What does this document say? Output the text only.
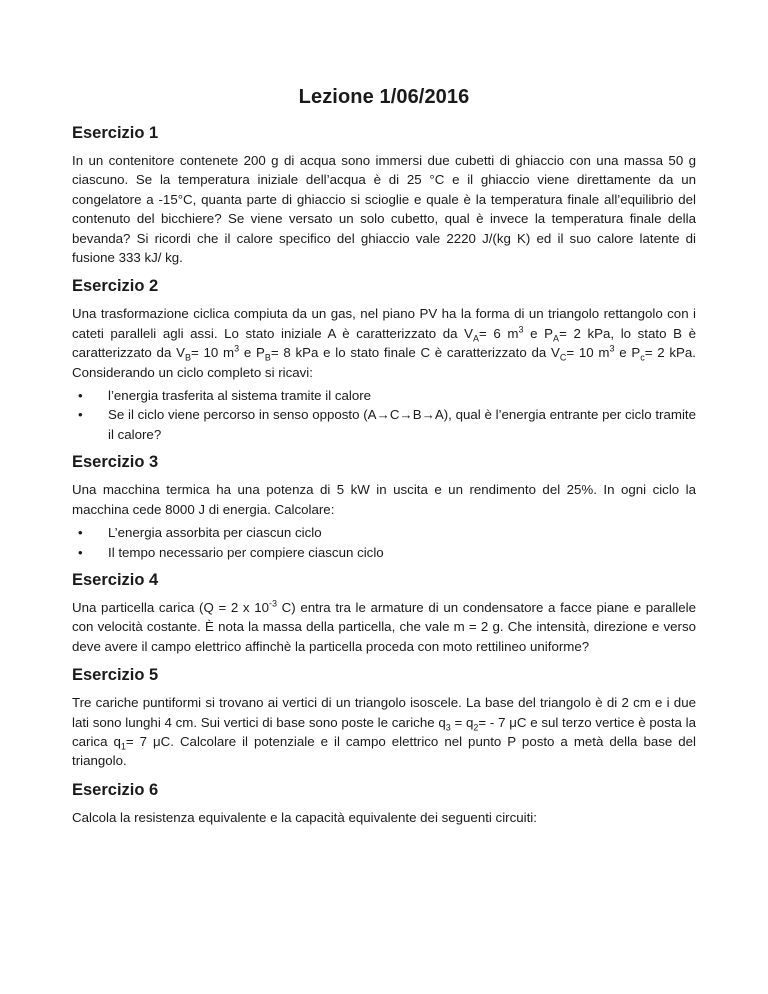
Lezione 1/06/2016
Esercizio 1

In un contenitore contenete 200 g di acqua sono immersi due cubetti di ghiaccio con una massa 50 g ciascuno. Se la temperatura iniziale dell’acqua è di 25 °C e il ghiaccio viene direttamente da un congelatore a -15°C, quanta parte di ghiaccio si scioglie e quale è la temperatura finale all’equilibrio del contenuto del bicchiere? Se viene versato un solo cubetto, qual è invece la temperatura finale della bevanda? Si ricordi che il calore specifico del ghiaccio vale 2220 J/(kg K) ed il suo calore latente di fusione 333 kJ/ kg.

Esercizio 2

Una trasformazione ciclica compiuta da un gas, nel piano PV ha la forma di un triangolo rettangolo con i cateti paralleli agli assi. Lo stato iniziale A è caratterizzato da $V_A= 6$ $m^3$ e $P_A= 2$ kPa, lo stato B è caratterizzato da $V_B= 10$ $m^3$ e $P_B= 8$ kPa e lo stato finale C è caratterizzato da $V_C= 10$ $m^3$ e $P_c= 2$ kPa. Considerando un ciclo completo si ricavi:

•	l’energia trasferita al sistema tramite il calore
•	Se il ciclo viene percorso in senso opposto (A→C→B→A), qual è l’energia entrante per ciclo tramite il calore?
Esercizio 3

Una macchina termica ha una potenza di 5 kW in uscita e un rendimento del 25%. In ogni ciclo la macchina cede 8000 J di energia. Calcolare:

•	L’energia assorbita per ciascun ciclo
•	Il tempo necessario per compiere ciascun ciclo
Esercizio 4

Una particella carica (Q = 2 x $10^{-3}$ C) entra tra le armature di un condensatore a facce piane e parallele con velocità costante. È nota la massa della particella, che vale m = 2 g. Che intensità, direzione e verso deve avere il campo elettrico affinchè la particella proceda con moto rettilineo uniforme?

Esercizio 5

Tre cariche puntiformi si trovano ai vertici di un triangolo isoscele. La base del triangolo è di 2 cm e i due lati sono lunghi 4 cm. Sui vertici di base sono poste le cariche $q_3 = q_2= - 7$ μC e sul terzo vertice è posta la carica $q_1= 7$ μC. Calcolare il potenziale e il campo elettrico nel punto P posto a metà della base del triangolo.

Esercizio 6

Calcola la resistenza equivalente e la capacità equivalente dei seguenti circuiti:
